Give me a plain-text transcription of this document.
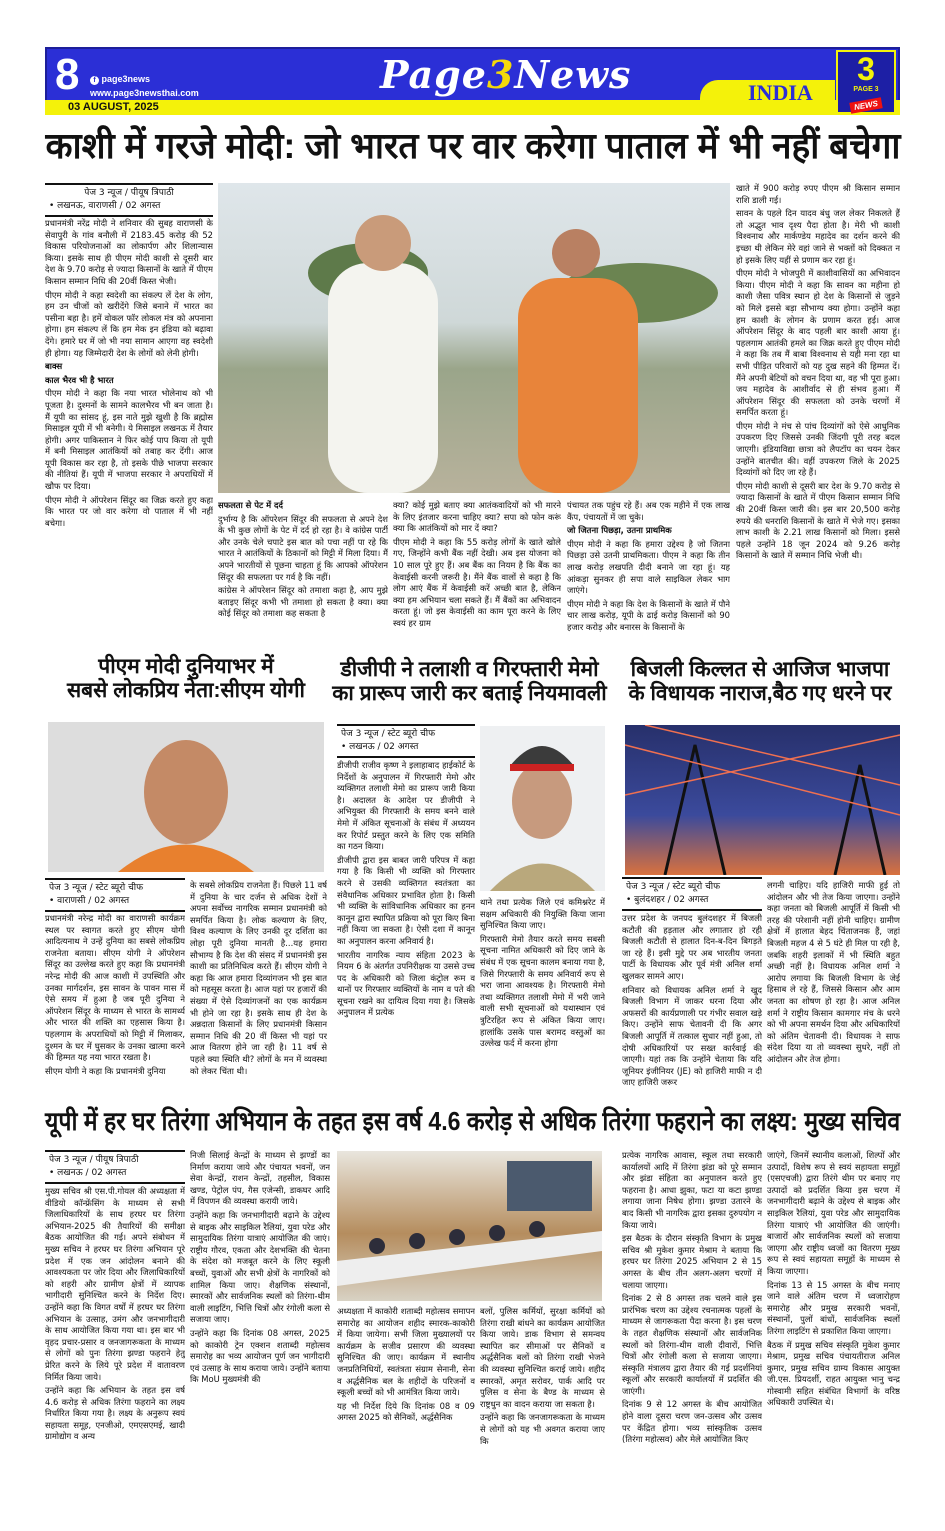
8	f page3news
www.page3newsthai.com
03 AUGUST, 2025
Page3News	INDIA
3
PAGE 3
NEWS
काशी में गरजे मोदी: जो भारत पर वार करेगा पाताल में भी नहीं बचेगा
पेज 3 न्यूज / पीयूष त्रिपाठी
• लखनऊ, वाराणसी / 02 अगस्त

प्रधानमंत्री नरेंद्र मोदी ने शनिवार की सुबह वाराणसी के सेवापुरी के गांव बनौली में 2183.45 करोड़ की 52 विकास परियोजनाओं का लोकार्पण और शिलान्यास किया। इसके साथ ही पीएम मोदी काशी से दूसरी बार देश के 9.70 करोड़ से ज्यादा किसानों के खाते में पीएम किसान सम्मान निधि की 20वीं किस्त भेजी।

पीएम मोदी ने कहा स्वदेशी का संकल्प लें देश के लोग, हम उन चीजों को खरीदेंगे जिसे बनाने में भारत का पसीना बहा है। हमें वोकल फॉर लोकल मंत्र को अपनाना होगा। हम संकल्प लें कि हम मेक इन इंडिया को बढ़ावा देंगे। हमारे घर में जो भी नया सामान आएगा वह स्वदेशी ही होगा। यह जिम्मेदारी देश के लोगों को लेनी होगी।

बाक्स

काल भैरव भी है भारत

पीएम मोदी ने कहा कि नया भारत भोलेनाथ को भी पूजता है। दुश्मनों के सामने कालभैरव भी बन जाता है। मैं यूपी का सांसद हूं, इस नाते मुझे खुशी है कि ब्रह्मोस मिसाइल यूपी में भी बनेगी। ये मिसाइल लखनऊ में तैयार होगी। अगर पाकिस्तान ने फिर कोई पाप किया तो यूपी में बनी मिसाइल आतंकियों को तबाह कर देंगी। आज यूपी विकास कर रहा है, तो इसके पीछे भाजपा सरकार की नीतियां हैं। यूपी में भाजपा सरकार ने अपराधियों में खौफ पर दिया।

पीएम मोदी ने ऑपरेशन सिंदूर का जिक्र करते हुए कहा कि भारत पर जो वार करेगा वो पाताल में भी नहीं बचेगा।

सफलता से पेट में दर्द

दुर्भाग्य है कि ऑपरेशन सिंदूर की सफलता से अपने देश के भी कुछ लोगों के पेट में दर्द हो रहा है। वे कांग्रेस पार्टी और उनके चेले चपाटे इस बात को पचा नहीं पा रहे कि भारत ने आतंकियों के ठिकानों को मिट्टी में मिला दिया। मैं अपने भारतीयों से पूछना चाहता हूं कि आपको ऑपरेशन सिंदूर की सफलता पर गर्व है कि नहीं।

कांग्रेस ने ऑपरेशन सिंदूर को तमाशा कहा है, आप मुझे बताइए सिंदूर कभी भी तमाशा हो सकता है क्या। क्या कोई सिंदूर को तमाशा कह सकता है

क्या? कोई मुझे बताए क्या आतंकवादियों को भी मारने के लिए इंतजार करना चाहिए क्या? सपा को फोन करूं क्या कि आतंकियों को मार दें क्या?

पीएम मोदी ने कहा कि 55 करोड़ लोगों के खाते खोले गए, जिन्होंने कभी बैंक नहीं देखी। अब इस योजना को 10 साल पूरे हुए हैं। अब बैंक का नियम है कि बैंक का केवाईसी करनी जरूरी है। मैंने बैंक वालों से कहा है कि लोग आएं बैंक में केवाईसी करें अच्छी बात है, लेकिन क्या हम अभियान चला सकते हैं। मैं बैंकों का अभिवादन करता हूं। जो इस केवाईसी का काम पूरा करने के लिए स्वयं हर ग्राम

पंचायत तक पहुंच रहे हैं। अब एक महीने में एक लाख कैंप, पंचायतों में जा चुके।

जो जितना पिछड़ा, उतना प्राथमिक

पीएम मोदी ने कहा कि हमारा उद्देश्य है जो जितना पिछड़ा उसे उतनी प्राथमिकता। पीएम ने कहा कि तीन लाख करोड़ लखपति दीदी बनाने जा रहा हूं। यह आंकड़ा सुनकर ही सपा वाले साइकिल लेकर भाग जाएंगे।

पीएम मोदी ने कहा कि देश के किसानों के खाते में पौने चार लाख करोड़, यूपी के ढाई करोड़ किसानों को 90 हजार करोड़ और बनारस के किसानों के

खाते में 900 करोड़ रुपए पीएम श्री किसान सम्मान राशि डाली गई।

सावन के पहले दिन यादव बंधु जल लेकर निकलते हैं तो अद्भुत भाव दृश्य पैदा होता है। मेरी भी काशी विश्वनाथ और मार्कण्डेय महादेव का दर्शन करने की इच्छा थी लेकिन मेरे वहां जाने से भक्तों को दिक्कत न हो इसके लिए यहीं से प्रणाम कर रहा हूं।

पीएम मोदी ने भोजपुरी में काशीवासियों का अभिवादन किया। पीएम मोदी ने कहा कि सावन का महीना हो काशी जैसा पवित्र स्थान हो देश के किसानों से जुड़ने को मिले इससे बड़ा सौभाग्य क्या होगा। उन्होंने कहा हम काशी के लोगन के प्रणाम करत हई। आज ऑपरेशन सिंदूर के बाद पहली बार काशी आया हूं। पहलगाम आतंकी हमले का जिक्र करते हुए पीएम मोदी ने कहा कि तब मैं बाबा विश्वनाथ से यही मना रहा था सभी पीड़ित परिवारों को यह दुख सहने की हिम्मत दें। मैंने अपनी बेटियों को वचन दिया था, वह भी पूरा हुआ। जय महादेव के आशीर्वाद से ही संभव हुआ। मैं ऑपरेशन सिंदूर की सफलता को उनके चरणों में समर्पित करता हूं।

पीएम मोदी ने मंच से पांच दिव्यांगों को ऐसे आधुनिक उपकरण दिए जिससे उनकी जिंदगी पूरी तरह बदल जाएगी। इंडियाविद्या छात्रा को लैपटॉप का चयन देकर उन्होंने बातचीत की। वहीं उपकरण जिले के 2025 दिव्यांगों को दिए जा रहे हैं।

पीएम मोदी काशी से दूसरी बार देश के 9.70 करोड़ से ज्यादा किसानों के खाते में पीएम किसान सम्मान निधि की 20वीं किस्त जारी की। इस बार 20,500 करोड़ रुपये की धनराशि किसानों के खाते में भेजे गए। इसका लाभ काशी के 2.21 लाख किसानों को मिला। इससे पहले उन्होंने 18 जून 2024 को 9.26 करोड़ किसानों के खाते में सम्मान निधि भेजी थी।

पीएम मोदी दुनियाभर में
सबसे लोकप्रिय नेता:सीएम योगी
पेज 3 न्यूज / स्टेट ब्यूरो चीफ
• वाराणसी / 02 अगस्त

प्रधानमंत्री नरेन्द्र मोदी का वाराणसी कार्यक्रम स्थल पर स्वागत करते हुए सीएम योगी आदित्यनाथ ने उन्हें दुनिया का सबसे लोकप्रिय राजनेता बताया। सीएम योगी ने ऑपरेशन सिंदूर का उल्लेख करते हुए कहा कि प्रधानमंत्री नरेन्द्र मोदी की आज काशी में उपस्थिति और उनका मार्गदर्शन, इस सावन के पावन मास में ऐसे समय में हुआ है जब पूरी दुनिया ने ऑपरेशन सिंदूर के माध्यम से भारत के सामर्थ्य और भारत की शक्ति का एहसास किया है। पहलगाम के अपराधियों को मिट्टी में मिलाकर, दुश्मन के घर में घुसकर के उनका खात्मा करने की हिम्मत यह नया भारत रखता है।

सीएम योगी ने कहा कि प्रधानमंत्री दुनिया

के सबसे लोकप्रिय राजनेता हैं। पिछले 11 वर्ष में दुनिया के चार दर्जन से अधिक देशों ने अपना सर्वोच्च नागरिक सम्मान प्रधानमंत्री को समर्पित किया है। लोक कल्याण के लिए, विश्व कल्याण के लिए उनकी दूर दर्शिता का लोहा पूरी दुनिया मानती है...यह हमारा सौभाग्य है कि देश की संसद में प्रधानमंत्री इस काशी का प्रतिनिधित्व करते हैं। सीएम योगी ने कहा कि आज हमारा दिव्यांगजन भी इस बात को महसूस करता है। आज यहां पर हजारों की संख्या में ऐसे दिव्यांगजनों का एक कार्यक्रम भी होने जा रहा है। इसके साथ ही देश के अन्नदाता किसानों के लिए प्रधानमंत्री किसान सम्मान निधि की 20 वीं किस्त भी यहां पर आज वितरण होने जा रही है। 11 वर्ष से पहले क्या स्थिति थी? लोगों के मन में व्यवस्था को लेकर चिंता थी।

डीजीपी ने तलाशी व गिरफ्तारी मेमो
का प्रारूप जारी कर बताई नियमावली
पेज 3 न्यूज / स्टेट ब्यूरो चीफ
• लखनऊ / 02 अगस्त

डीजीपी राजीव कृष्ण ने इलाहाबाद हाईकोर्ट के निर्देशों के अनुपालन में गिरफ्तारी मेमो और व्यक्तिगत तलाशी मेमो का प्रारूप जारी किया है। अदालत के आदेश पर डीजीपी ने अभियुक्त की गिरफ्तारी के समय बनने वाले मेमो में अंकित सूचनाओं के संबंध में अध्ययन कर रिपोर्ट प्रस्तुत करने के लिए एक समिति का गठन किया।

डीजीपी द्वारा इस बाबत जारी परिपत्र में कहा गया है कि किसी भी व्यक्ति को गिरफ्तार करने से उसकी व्यक्तिगत स्वतंत्रता का संवैधानिक अधिकार प्रभावित होता है। किसी भी व्यक्ति के सांविधानिक अधिकार का हनन कानून द्वारा स्थापित प्रक्रिया को पूरा किए बिना नहीं किया जा सकता है। ऐसी दशा में कानून का अनुपालन करना अनिवार्य है।

भारतीय नागरिक न्याय संहिता 2023 के नियम 6 के अंतर्गत उपनिरीक्षक या उससे उच्च पद के अधिकारी को जिला कंट्रोल रूम व थानों पर गिरफ्तार व्यक्तियों के नाम व पते की सूचना रखने का दायित्व दिया गया है। जिसके अनुपालन में प्रत्येक

थाने तथा प्रत्येक जिले एवं कमिश्नरेट में सक्षम अधिकारी की नियुक्ति किया जाना सुनिश्चित किया जाए।

गिरफ्तारी मेमो तैयार करते समय सबसी सूचना नामित अधिकारी को दिए जाने के संबंध में एक सूचना कालम बनाया गया है, जिसे गिरफ्तारी के समय अनिवार्य रूप से भरा जाना आवश्यक है। गिरफ्तारी मेमो तथा व्यक्तिगत तलाशी मेमो में भरी जाने वाली सभी सूचनाओं को यथास्थान एवं त्रुटिरहित रूप से अंकित किया जाए। हालांकि उसके पास बरामद वस्तुओं का उल्लेख फर्द में करना होगा

बिजली किल्लत से आजिज भाजपा
के विधायक नाराज,बैठ गए धरने पर
पेज 3 न्यूज / स्टेट ब्यूरो चीफ
• बुलंदशहर / 02 अगस्त

उत्तर प्रदेश के जनपद बुलंदशहर में बिजली कटौती की हड़ताल और लगातार हो रही बिजली कटौती से हालात दिन-ब-दिन बिगड़ते जा रहे हैं। इसी मुद्दे पर अब भारतीय जनता पार्टी के विधायक और पूर्व मंत्री अनिल शर्मा खुलकर सामने आए।

शनिवार को विधायक अनिल शर्मा ने खुद बिजली विभाग में जाकर धरना दिया और अफसरों की कार्यप्रणाली पर गंभीर सवाल खड़े किए। उन्होंने साफ चेतावनी दी कि अगर बिजली आपूर्ति में तत्काल सुधार नहीं हुआ, तो दोषी अधिकारियों पर सख्त कार्रवाई की जाएगी। यहां तक कि उन्होंने चेताया कि यदि जूनियर इंजीनियर (JE) को हाजिरी माफी न दी जाए हाजिरी जरूर

लगनी चाहिए। यदि हाजिरी माफी हुई तो आंदोलन और भी तेज किया जाएगा। उन्होंने कहा जनता को बिजली आपूर्ति में किसी भी तरह की परेशानी नहीं होनी चाहिए। ग्रामीण क्षेत्रों में हालात बेहद चिंताजनक हैं, जहां बिजली महज 4 से 5 घंटे ही मिल पा रही है, जबकि शहरी इलाकों में भी स्थिति बहुत अच्छी नहीं है। विधायक अनिल शर्मा ने आरोप लगाया कि बिजली विभाग के जेई हिसाब ले रहे हैं, जिससे किसान और आम जनता का शोषण हो रहा है। आज अनिल शर्मा ने राष्ट्रीय किसान कामगार मंच के धरने को भी अपना समर्थन दिया और अधिकारियों को अंतिम चेतावनी दी। विधायक ने साफ संदेश दिया या तो व्यवस्था सुधरे, नहीं तो आंदोलन और तेज होगा।

यूपी में हर घर तिरंगा अभियान के तहत इस वर्ष 4.6 करोड़ से अधिक तिरंगा फहराने का लक्ष्य: मुख्य सचिव
पेज 3 न्यूज / पीयूष त्रिपाठी
• लखनऊ / 02 अगस्त

मुख्य सचिव श्री एस.पी.गोयल की अध्यक्षता में वीडियो कॉन्फ्रेंसिंग के माध्यम से सभी जिलाधिकारियों के साथ हरघर घर तिरंगा अभियान-2025 की तैयारियों की समीक्षा बैठक आयोजित की गई। अपने संबोधन में मुख्य सचिव ने हरघर घर तिरंगा अभियान पूरे प्रदेश में एक जन आंदोलन बनाने की आवश्यकता पर जोर दिया और जिलाधिकारियों को शहरी और ग्रामीण क्षेत्रों में व्यापक भागीदारी सुनिश्चित करने के निर्देश दिए। उन्होंने कहा कि विगत वर्षों में हरघर घर तिरंगा अभियान के उत्साह, उमंग और जनभागीदारी के साथ आयोजित किया गया था। इस बार भी वृहद प्रचार-प्रसार व जनजागरूकता के माध्यम से लोगों को पुनः तिरंगा झण्डा फहराने हेतु प्रेरित करने के लिये पूरे प्रदेश में वातावरण निर्मित किया जाये।

उन्होंने कहा कि अभियान के तहत इस वर्ष 4.6 करोड़ से अधिक तिरंगा फहराने का लक्ष्य निर्धारित किया गया है। लक्ष्य के अनुरूप स्वयं सहायता समूह, एनजीओ, एमएसएमई, खादी ग्रामोद्योग व अन्य

निजी सिलाई केन्द्रों के माध्यम से झण्डों का निर्माण कराया जाये और पंचायत भवनों, जन सेवा केन्द्रों, राशन केन्द्रों, तहसील, विकास खण्ड, पेट्रोल पंप, गैस एजेन्सी, डाकघर आदि में विपणन की व्यवस्था करायी जाये।

उन्होंने कहा कि जनभागीदारी बढ़ाने के उद्देश्य से बाइक और साइकिल रैलियां, युवा परेड और सामुदायिक तिरंगा यात्राएं आयोजित की जाएं। राष्ट्रीय गौरव, एकता और देशभक्ति की चेतना के संदेश को मजबूत करने के लिए स्कूली बच्चों, युवाओं और सभी क्षेत्रों के नागरिकों को शामिल किया जाए। शैक्षणिक संस्थानों, स्मारकों और सार्वजनिक स्थलों को तिरंगा-थीम वाली लाइटिंग, भित्ति चित्रों और रंगोली कला से सजाया जाए।

उन्होंने कहा कि दिनांक 08 अगस्त, 2025 को काकोरी ट्रेन एक्शन शताब्दी महोत्सव समारोह का भव्य आयोजन पूर्ण जन भागीदारी एवं उत्साह के साथ कराया जाये। उन्होंने बताया कि MoU मुख्यमंत्री की

अध्यक्षता में काकोरी शताब्दी महोत्सव समापन समारोह का आयोजन शहीद स्मारक-काकोरी में किया जायेगा। सभी जिला मुख्यालयों पर कार्यक्रम के सजीव प्रसारण की व्यवस्था सुनिश्चित की जाए। कार्यक्रम में स्थानीय जनप्रतिनिधियों, स्वतंत्रता संग्राम सेनानी, सेना व अर्द्धसैनिक बल के शहीदों के परिजनों व स्कूली बच्चों को भी आमंत्रित किया जाये।

यह भी निर्देश दिये कि दिनांक 08 व 09 अगस्त 2025 को सैनिकों, अर्द्धसैनिक

बलों, पुलिस कर्मियों, सुरक्षा कर्मियों को तिरंगा राखी बांधने का कार्यक्रम आयोजित किया जाये। डाक विभाग से समन्वय स्थापित कर सीमाओं पर सैनिकों व अर्द्धसैनिक बलों को तिरंगा राखी भेजने की व्यवस्था सुनिश्चित कराई जाये। शहीद स्मारकों, अमृत सरोवर, पार्क आदि पर पुलिस व सेना के बैण्ड के माध्यम से राष्ट्रधुन का वादन कराया जा सकता है।

उन्होंने कहा कि जनजागरूकता के माध्यम से लोगों को यह भी अवगत कराया जाए कि

प्रत्येक नागरिक आवास, स्कूल तथा सरकारी कार्यालयों आदि में तिरंगा झंडा को पूरे सम्मान और झंडा संहिता का अनुपालन करते हुए फहराना है। आधा झुका, फटा या कटा झण्डा लगाया जाना निषेध होगा। झण्डा उतारने के बाद किसी भी नागरिक द्वारा इसका दुरुपयोग न किया जाये।

इस बैठक के दौरान संस्कृति विभाग के प्रमुख सचिव श्री मुकेश कुमार मेश्राम ने बताया कि हरघर घर तिरंगा 2025 अभियान 2 से 15 अगस्त के बीच तीन अलग-अलग चरणों में चलाया जाएगा।

दिनांक 2 से 8 अगस्त तक चलने वाले इस प्रारंभिक चरण का उद्देश्य रचनात्मक पहलों के माध्यम से जागरूकता पैदा करना है। इस चरण के तहत शैक्षणिक संस्थानों और सार्वजनिक स्थलों को तिरंगा-थीम वाली दीवारों, भित्ति चित्रों और रंगोली कला से सजाया जाएगा। संस्कृति मंत्रालय द्वारा तैयार की गई प्रदर्शनियां स्कूलों और सरकारी कार्यालयों में प्रदर्शित की जाएंगी।

दिनांक 9 से 12 अगस्त के बीच आयोजित होने वाला दूसरा चरण जन-उत्सव और उत्सव पर केंद्रित होगा। भव्य सांस्कृतिक उत्सव (तिरंगा महोत्सव) और मेले आयोजित किए

जाएंगे, जिनमें स्थानीय कलाओं, शिल्पों और उत्पादों, विशेष रूप से स्वयं सहायता समूहों (एसएचजी) द्वारा तिरंगे थीम पर बनाए गए उत्पादों को प्रदर्शित किया इस चरण में जनभागीदारी बढ़ाने के उद्देश्य से बाइक और साइकिल रैलियां, युवा परेड और सामुदायिक तिरंगा यात्राएं भी आयोजित की जाएंगी। बाजारों और सार्वजनिक स्थलों को सजाया जाएगा और राष्ट्रीय ध्वजों का वितरण मुख्य रूप से स्वयं सहायता समूहों के माध्यम से किया जाएगा।

दिनांक 13 से 15 अगस्त के बीच मनाए जाने वाले अंतिम चरण में ध्वजारोहण समारोह और प्रमुख सरकारी भवनों, संस्थानों, पुलों बांधों, सार्वजनिक स्थलों तिरंगा लाइटिंग से प्रकाशित किया जाएगा।

बैठक में प्रमुख सचिव संस्कृति मुकेश कुमार मेश्राम, प्रमुख सचिव पंचायतीराज अनिल कुमार, प्रमुख सचिव ग्राम्य विकास आयुक्त जी.एस. प्रियदर्शी, राहत आयुक्त भानु चन्द्र गोस्वामी सहित संबंधित विभागों के वरिष्ठ अधिकारी उपस्थित थे।
